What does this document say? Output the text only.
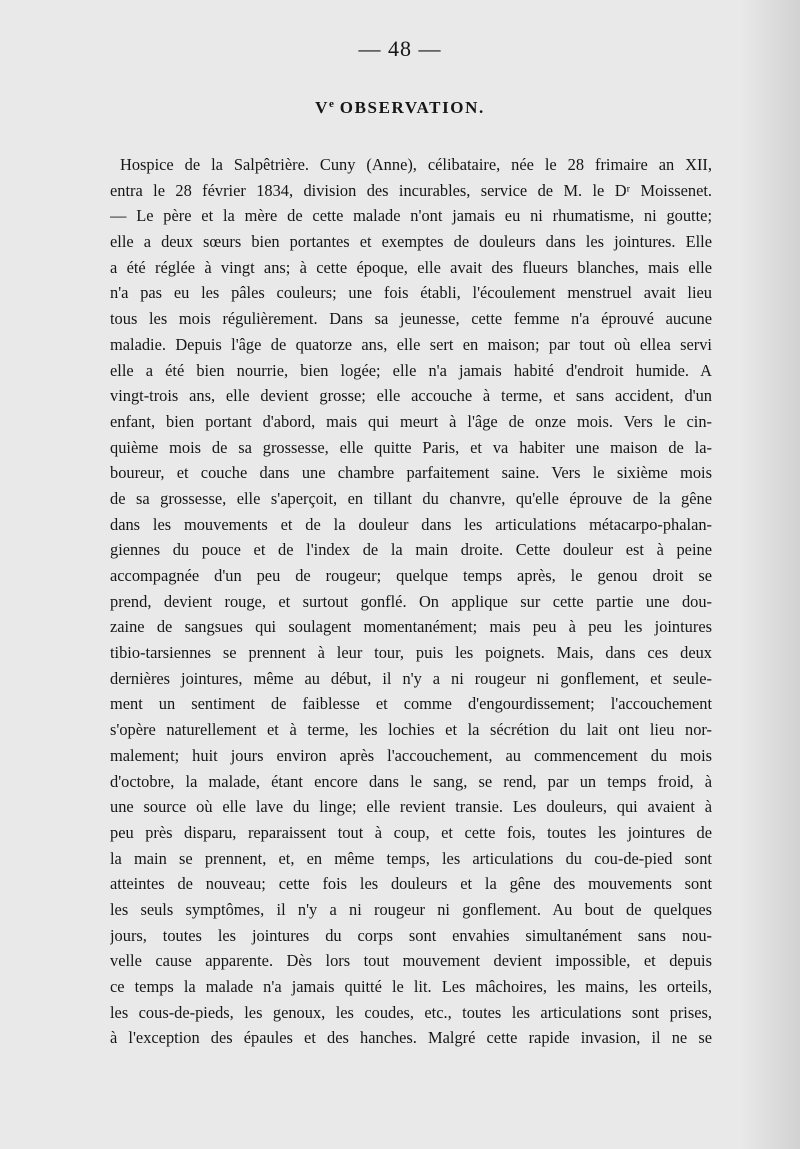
— 48 —
Ve OBSERVATION.
Hospice de la Salpêtrière. Cuny (Anne), célibataire, née le 28 frimaire an XII,
entra le 28 février 1834, division des incurables, service de M. le Dʳ Moissenet.
— Le père et la mère de cette malade n'ont jamais eu ni rhumatisme, ni goutte;
elle a deux sœurs bien portantes et exemptes de douleurs dans les jointures. Elle
a été réglée à vingt ans; à cette époque, elle avait des flueurs blanches, mais elle
n'a pas eu les pâles couleurs; une fois établi, l'écoulement menstruel avait lieu
tous les mois régulièrement. Dans sa jeunesse, cette femme n'a éprouvé aucune
maladie. Depuis l'âge de quatorze ans, elle sert en maison; par tout où ellea servi
elle a été bien nourrie, bien logée; elle n'a jamais habité d'endroit humide. A
vingt-trois ans, elle devient grosse; elle accouche à terme, et sans accident, d'un
enfant, bien portant d'abord, mais qui meurt à l'âge de onze mois. Vers le cin-
quième mois de sa grossesse, elle quitte Paris, et va habiter une maison de la-
boureur, et couche dans une chambre parfaitement saine. Vers le sixième mois
de sa grossesse, elle s'aperçoit, en tillant du chanvre, qu'elle éprouve de la gêne
dans les mouvements et de la douleur dans les articulations métacarpo-phalan-
giennes du pouce et de l'index de la main droite. Cette douleur est à peine
accompagnée d'un peu de rougeur; quelque temps après, le genou droit se
prend, devient rouge, et surtout gonflé. On applique sur cette partie une dou-
zaine de sangsues qui soulagent momentanément; mais peu à peu les jointures
tibio-tarsiennes se prennent à leur tour, puis les poignets. Mais, dans ces deux
dernières jointures, même au début, il n'y a ni rougeur ni gonflement, et seule-
ment un sentiment de faiblesse et comme d'engourdissement; l'accouchement
s'opère naturellement et à terme, les lochies et la sécrétion du lait ont lieu nor-
malement; huit jours environ après l'accouchement, au commencement du mois
d'octobre, la malade, étant encore dans le sang, se rend, par un temps froid, à
une source où elle lave du linge; elle revient transie. Les douleurs, qui avaient à
peu près disparu, reparaissent tout à coup, et cette fois, toutes les jointures de
la main se prennent, et, en même temps, les articulations du cou-de-pied sont
atteintes de nouveau; cette fois les douleurs et la gêne des mouvements sont
les seuls symptômes, il n'y a ni rougeur ni gonflement. Au bout de quelques
jours, toutes les jointures du corps sont envahies simultanément sans nou-
velle cause apparente. Dès lors tout mouvement devient impossible, et depuis
ce temps la malade n'a jamais quitté le lit. Les mâchoires, les mains, les orteils,
les cous-de-pieds, les genoux, les coudes, etc., toutes les articulations sont prises,
à l'exception des épaules et des hanches. Malgré cette rapide invasion, il ne se
